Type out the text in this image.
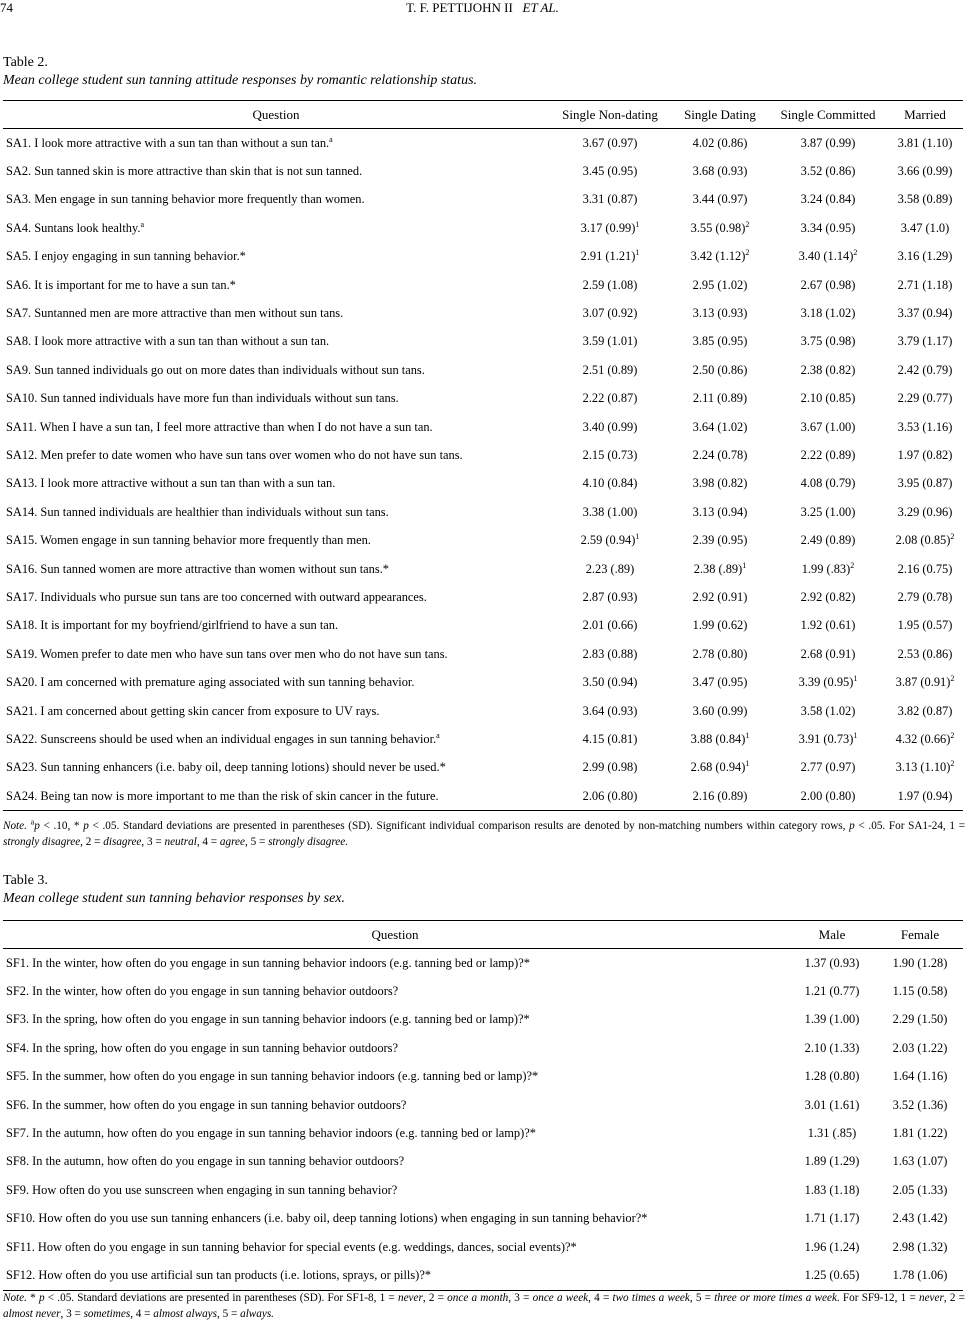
74	T. F. PETTIJOHN II ET AL.
Table 2.
Mean college student sun tanning attitude responses by romantic relationship status.
Question	Single Non-dating	Single Dating	Single Committed	Married
SA1. I look more attractive with a sun tan than without a sun tan.$^a$	3.67 (0.97)	4.02 (0.86)	3.87 (0.99)	3.81 (1.10)
SA2. Sun tanned skin is more attractive than skin that is not sun tanned.	3.45 (0.95)	3.68 (0.93)	3.52 (0.86)	3.66 (0.99)
SA3. Men engage in sun tanning behavior more frequently than women.	3.31 (0.87)	3.44 (0.97)	3.24 (0.84)	3.58 (0.89)
SA4. Suntans look healthy.$^a$	3.17 $(0.99)^1$	3.55 $(0.98)^2$	3.34 (0.95)	3.47 (1.0)
SA5. I enjoy engaging in sun tanning behavior.*	2.91 $(1.21)^1$	3.42 $(1.12)^2$	3.40 $(1.14)^2$	3.16 (1.29)
SA6. It is important for me to have a sun tan.*	2.59 (1.08)	2.95 (1.02)	2.67 (0.98)	2.71 (1.18)
SA7. Suntanned men are more attractive than men without sun tans.	3.07 (0.92)	3.13 (0.93)	3.18 (1.02)	3.37 (0.94)
SA8. I look more attractive with a sun tan than without a sun tan.	3.59 (1.01)	3.85 (0.95)	3.75 (0.98)	3.79 (1.17)
SA9. Sun tanned individuals go out on more dates than individuals without sun tans.	2.51 (0.89)	2.50 (0.86)	2.38 (0.82)	2.42 (0.79)
SA10. Sun tanned individuals have more fun than individuals without sun tans.	2.22 (0.87)	2.11 (0.89)	2.10 (0.85)	2.29 (0.77)
SA11. When I have a sun tan, I feel more attractive than when I do not have a sun tan.	3.40 (0.99)	3.64 (1.02)	3.67 (1.00)	3.53 (1.16)
SA12. Men prefer to date women who have sun tans over women who do not have sun tans.	2.15 (0.73)	2.24 (0.78)	2.22 (0.89)	1.97 (0.82)
SA13. I look more attractive without a sun tan than with a sun tan.	4.10 (0.84)	3.98 (0.82)	4.08 (0.79)	3.95 (0.87)
SA14. Sun tanned individuals are healthier than individuals without sun tans.	3.38 (1.00)	3.13 (0.94)	3.25 (1.00)	3.29 (0.96)
SA15. Women engage in sun tanning behavior more frequently than men.	2.59 $(0.94)^1$	2.39 (0.95)	2.49 (0.89)	2.08 $(0.85)^2$
SA16. Sun tanned women are more attractive than women without sun tans.*	2.23 (.89)	2.38 $(.89)^1$	1.99 $(.83)^2$	2.16 (0.75)
SA17. Individuals who pursue sun tans are too concerned with outward appearances.	2.87 (0.93)	2.92 (0.91)	2.92 (0.82)	2.79 (0.78)
SA18. It is important for my boyfriend/girlfriend to have a sun tan.	2.01 (0.66)	1.99 (0.62)	1.92 (0.61)	1.95 (0.57)
SA19. Women prefer to date men who have sun tans over men who do not have sun tans.	2.83 (0.88)	2.78 (0.80)	2.68 (0.91)	2.53 (0.86)
SA20. I am concerned with premature aging associated with sun tanning behavior.	3.50 (0.94)	3.47 (0.95)	3.39 $(0.95)^1$	3.87 $(0.91)^2$
SA21. I am concerned about getting skin cancer from exposure to UV rays.	3.64 (0.93)	3.60 (0.99)	3.58 (1.02)	3.82 (0.87)
SA22. Sunscreens should be used when an individual engages in sun tanning behavior.$^a$	4.15 (0.81)	3.88 $(0.84)^1$	3.91 $(0.73)^1$	4.32 $(0.66)^2$
SA23. Sun tanning enhancers (i.e. baby oil, deep tanning lotions) should never be used.*	2.99 (0.98)	2.68 $(0.94)^1$	2.77 (0.97)	3.13 $(1.10)^2$
SA24. Being tan now is more important to me than the risk of skin cancer in the future.	2.06 (0.80)	2.16 (0.89)	2.00 (0.80)	1.97 (0.94)
Note. $^a$p < .10, * p < .05. Standard deviations are presented in parentheses (SD). Significant individual comparison results are denoted by non-matching numbers within category rows, p < .05. For SA1-24, 1 = strongly disagree, 2 = disagree, 3 = neutral, 4 = agree, 5 = strongly disagree.
Table 3.
Mean college student sun tanning behavior responses by sex.
Question	Male	Female
SF1. In the winter, how often do you engage in sun tanning behavior indoors (e.g. tanning bed or lamp)?*	1.37 (0.93)	1.90 (1.28)
SF2. In the winter, how often do you engage in sun tanning behavior outdoors?	1.21 (0.77)	1.15 (0.58)
SF3. In the spring, how often do you engage in sun tanning behavior indoors (e.g. tanning bed or lamp)?*	1.39 (1.00)	2.29 (1.50)
SF4. In the spring, how often do you engage in sun tanning behavior outdoors?	2.10 (1.33)	2.03 (1.22)
SF5. In the summer, how often do you engage in sun tanning behavior indoors (e.g. tanning bed or lamp)?*	1.28 (0.80)	1.64 (1.16)
SF6. In the summer, how often do you engage in sun tanning behavior outdoors?	3.01 (1.61)	3.52 (1.36)
SF7. In the autumn, how often do you engage in sun tanning behavior indoors (e.g. tanning bed or lamp)?*	1.31 (.85)	1.81 (1.22)
SF8. In the autumn, how often do you engage in sun tanning behavior outdoors?	1.89 (1.29)	1.63 (1.07)
SF9. How often do you use sunscreen when engaging in sun tanning behavior?	1.83 (1.18)	2.05 (1.33)
SF10. How often do you use sun tanning enhancers (i.e. baby oil, deep tanning lotions) when engaging in sun tanning behavior?*	1.71 (1.17)	2.43 (1.42)
SF11. How often do you engage in sun tanning behavior for special events (e.g. weddings, dances, social events)?*	1.96 (1.24)	2.98 (1.32)
SF12. How often do you use artificial sun tan products (i.e. lotions, sprays, or pills)?*	1.25 (0.65)	1.78 (1.06)
Note. * p < .05. Standard deviations are presented in parentheses (SD). For SF1-8, 1 = never, 2 = once a month, 3 = once a week, 4 = two times a week, 5 = three or more times a week. For SF9-12, 1 = never, 2 = almost never, 3 = sometimes, 4 = almost always, 5 = always.
